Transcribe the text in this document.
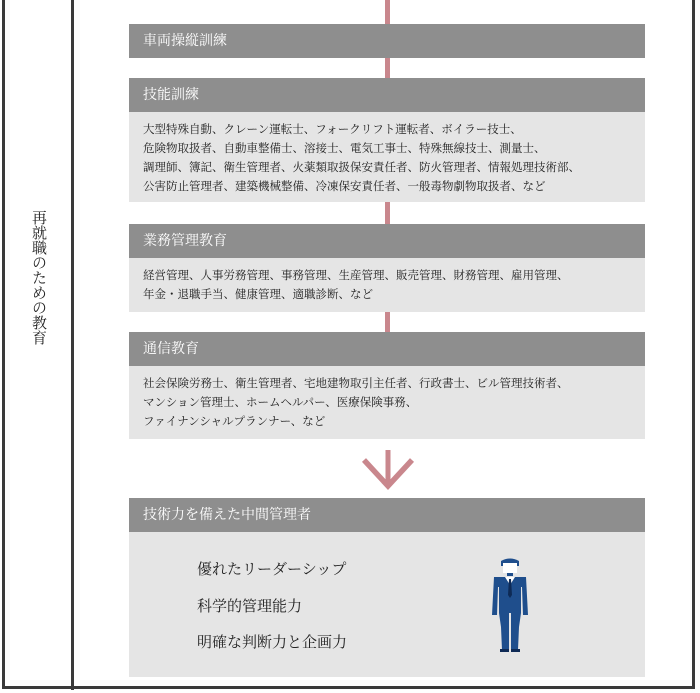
再就職のための教育
車両操縦訓練
技能訓練
大型特殊自動、クレーン運転士、フォークリフト運転者、ボイラー技士、
危険物取扱者、自動車整備士、溶接士、電気工事士、特殊無線技士、測量士、
調理師、簿記、衛生管理者、火薬類取扱保安責任者、防火管理者、情報処理技術部、
公害防止管理者、建築機械整備、冷凍保安責任者、一般毒物劇物取扱者、など
業務管理教育
経営管理、人事労務管理、事務管理、生産管理、販売管理、財務管理、雇用管理、
年金・退職手当、健康管理、適職診断、など
通信教育
社会保険労務士、衛生管理者、宅地建物取引主任者、行政書士、ビル管理技術者、
マンション管理士、ホームヘルパー、医療保険事務、
ファイナンシャルプランナー、など
技術力を備えた中間管理者
優れたリーダーシップ
科学的管理能力
明確な判断力と企画力
